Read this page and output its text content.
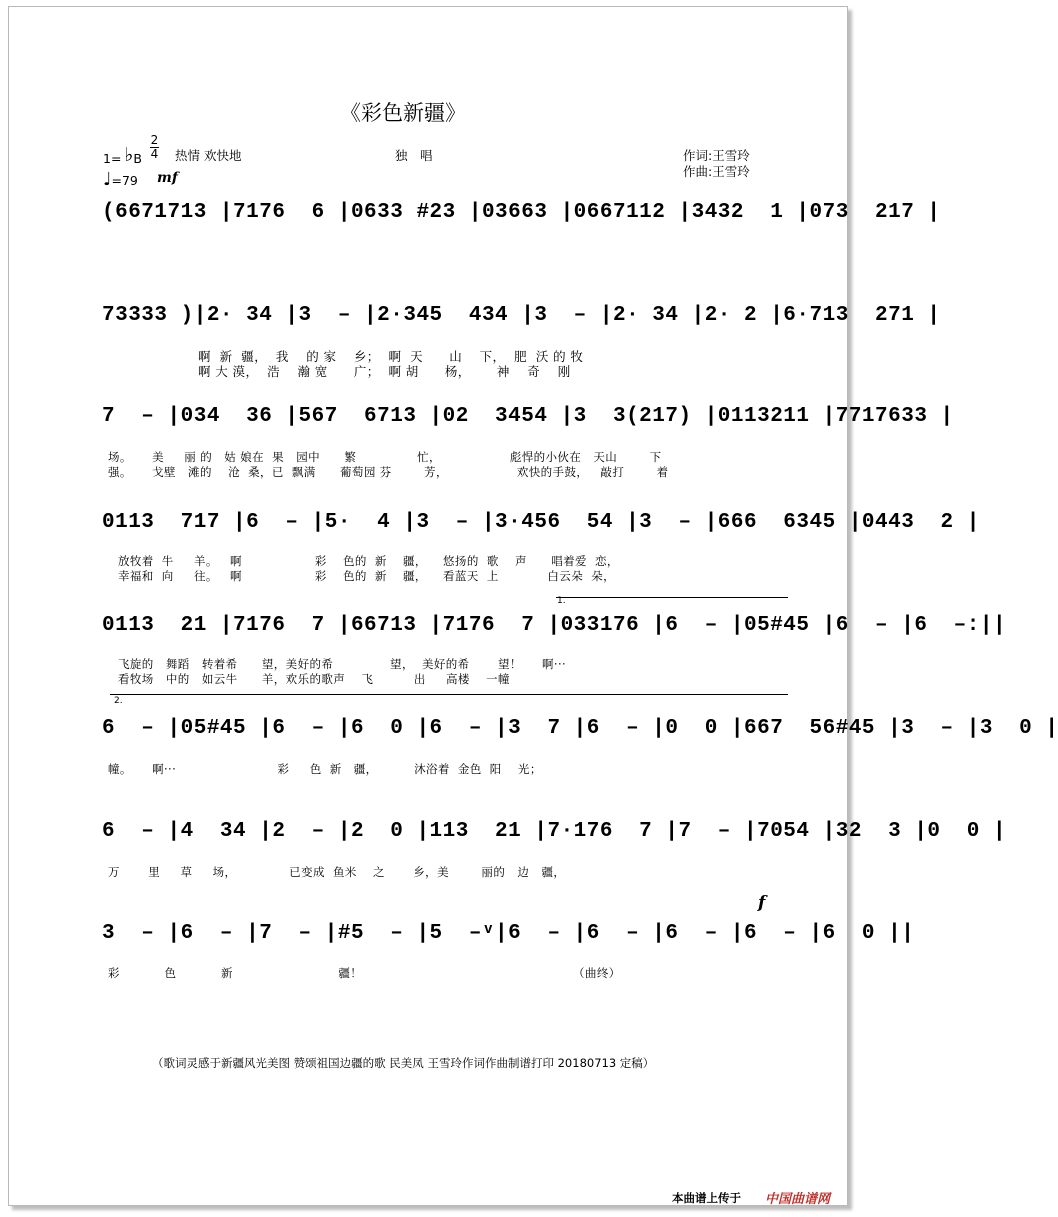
《彩色新疆》
1= ♭B
2
4 热情 欢快地
♩=79 mf
独　唱	作词:王雪玲
作曲:王雪玲
(6671713 |7176  6 |0633 #23 |03663 |0667112 |3432  1 |073  217 |
73333 )|2· 34 |3  – |2·345  434 |3  – |2· 34 |2· 2 |6·713  271 |
7  – |034  36 |567  6713 |02  3454 |3  3(217) |0113211 |7717633 |
0113  717 |6  – |5·  4 |3  – |3·456  54 |3  – |666  6345 |0443  2 |
1.
0113  21 |7176  7 |66713 |7176  7 |033176 |6  – |05#45 |6  – |6  –:||
2.
6  – |05#45 |6  – |6  0 |6  – |3  7 |6  – |0  0 |667  56#45 |3  – |3  0 |
6  – |4  34 |2  – |2  0 |113  21 |7·176  7 |7  – |7054 |32  3 |0  0 |
f
3  – |6  – |7  – |#5  – |5  –ᵛ|6  – |6  – |6  – |6  – |6  0 ||
啊  新  疆，  我    的 家    乡；  啊  天      山    下，  肥  沃 的 牧
啊 大 漠，  浩    瀚 宽      广；  啊 胡      杨，      神    奇    刚
场。     美     丽 的   姑 娘在  果   园中      繁               忙，                 彪悍的小伙在   天山        下
强。     戈壁   滩的    沧  桑，已  飘满      葡萄园 芬        芳，                 欢快的手鼓，   敲打        着
放牧着  牛     羊。   啊                  彩    色的  新    疆，    悠扬的  歌    声      唱着爱  恋，
幸福和  向     往。   啊                  彩    色的  新    疆，    看蓝天  上            白云朵  朵，
飞旋的   舞蹈   转着希      望，美好的希              望，  美好的希       望！     啊···
看牧场   中的   如云牛      羊，欢乐的歌声    飞          出     高楼    一幢
幢。     啊···                         彩     色  新   疆，         沐浴着  金色  阳    光；
万       里     草     场，             已变成  鱼米    之       乡，美        丽的   边   疆，
彩           色           新                          疆！                                                    （曲终）
（歌词灵感于新疆风光美图 赞颂祖国边疆的歌 民美凤 王雪玲作词作曲制谱打印 20180713 定稿）
本曲谱上传于 中国曲谱网
